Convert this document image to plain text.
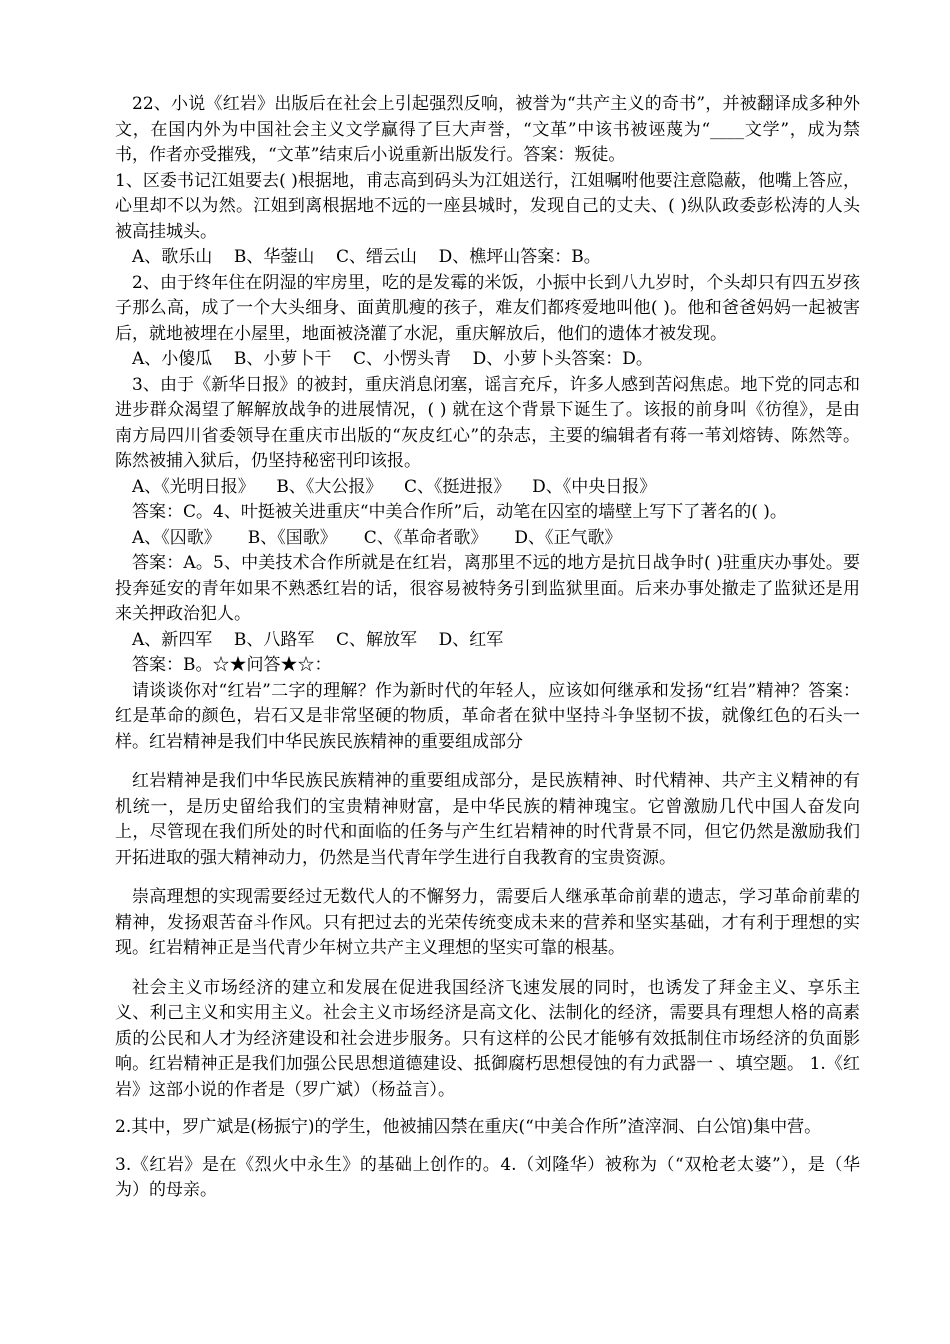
22、小说《红岩》出版后在社会上引起强烈反响，被誉为“共产主义的奇书”，并被翻译成多种外文，在国内外为中国社会主义文学赢得了巨大声誉，“文革”中该书被诬蔑为“____文学”，成为禁书，作者亦受摧残，“文革”结束后小说重新出版发行。答案：叛徒。

1、区委书记江姐要去( )根据地，甫志高到码头为江姐送行，江姐嘱咐他要注意隐蔽，他嘴上答应，心里却不以为然。江姐到离根据地不远的一座县城时，发现自己的丈夫、( )纵队政委彭松涛的人头被高挂城头。

A、歌乐山    B、华蓥山    C、缙云山    D、樵坪山答案：B。

2、由于终年住在阴湿的牢房里，吃的是发霉的米饭，小振中长到八九岁时，个头却只有四五岁孩子那么高，成了一个大头细身、面黄肌瘦的孩子，难友们都疼爱地叫他( )。他和爸爸妈妈一起被害后，就地被埋在小屋里，地面被浇灌了水泥，重庆解放后，他们的遗体才被发现。

A、小傻瓜    B、小萝卜干    C、小愣头青    D、小萝卜头答案：D。

3、由于《新华日报》的被封，重庆消息闭塞，谣言充斥，许多人感到苦闷焦虑。地下党的同志和进步群众渴望了解解放战争的进展情况，( ) 就在这个背景下诞生了。该报的前身叫《彷徨》，是由南方局四川省委领导在重庆市出版的“灰皮红心”的杂志，主要的编辑者有蒋一苇刘熔铸、陈然等。陈然被捕入狱后，仍坚持秘密刊印该报。

A、《光明日报》    B、《大公报》    C、《挺进报》    D、《中央日报》

答案：C。4、叶挺被关进重庆“中美合作所”后，动笔在囚室的墙壁上写下了著名的( )。

A、《囚歌》     B、《国歌》     C、《革命者歌》     D、《正气歌》

答案：A。5、中美技术合作所就是在红岩，离那里不远的地方是抗日战争时( )驻重庆办事处。要投奔延安的青年如果不熟悉红岩的话，很容易被特务引到监狱里面。后来办事处撤走了监狱还是用来关押政治犯人。

A、新四军    B、八路军    C、解放军    D、红军

答案：B。☆★问答★☆：

请谈谈你对“红岩”二字的理解？作为新时代的年轻人，应该如何继承和发扬“红岩”精神？答案：红是革命的颜色，岩石又是非常坚硬的物质，革命者在狱中坚持斗争坚韧不拔，就像红色的石头一样。红岩精神是我们中华民族民族精神的重要组成部分

红岩精神是我们中华民族民族精神的重要组成部分，是民族精神、时代精神、共产主义精神的有机统一，是历史留给我们的宝贵精神财富，是中华民族的精神瑰宝。它曾激励几代中国人奋发向上，尽管现在我们所处的时代和面临的任务与产生红岩精神的时代背景不同，但它仍然是激励我们开拓进取的强大精神动力，仍然是当代青年学生进行自我教育的宝贵资源。

崇高理想的实现需要经过无数代人的不懈努力，需要后人继承革命前辈的遗志，学习革命前辈的精神，发扬艰苦奋斗作风。只有把过去的光荣传统变成未来的营养和坚实基础，才有利于理想的实现。红岩精神正是当代青少年树立共产主义理想的坚实可靠的根基。

社会主义市场经济的建立和发展在促进我国经济飞速发展的同时，也诱发了拜金主义、享乐主义、利己主义和实用主义。社会主义市场经济是高文化、法制化的经济，需要具有理想人格的高素质的公民和人才为经济建设和社会进步服务。只有这样的公民才能够有效抵制住市场经济的负面影响。红岩精神正是我们加强公民思想道德建设、抵御腐朽思想侵蚀的有力武器一 、填空题。 1.《红岩》这部小说的作者是（罗广斌）（杨益言）。

2.其中，罗广斌是(杨振宁)的学生，他被捕囚禁在重庆(“中美合作所”渣滓洞、白公馆)集中营。

3.《红岩》是在《烈火中永生》的基础上创作的。4.（刘隆华）被称为（“双枪老太婆”），是（华为）的母亲。
